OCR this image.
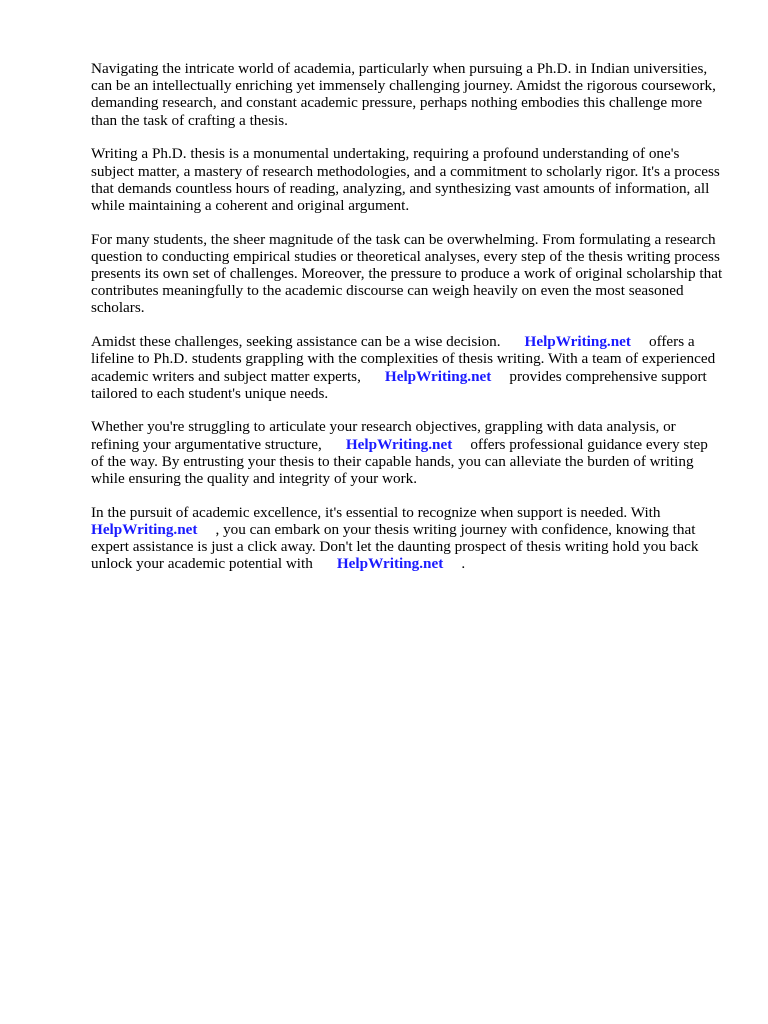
Navigating the intricate world of academia, particularly when pursuing a Ph.D. in Indian universities, can be an intellectually enriching yet immensely challenging journey. Amidst the rigorous coursework, demanding research, and constant academic pressure, perhaps nothing embodies this challenge more than the task of crafting a thesis.

Writing a Ph.D. thesis is a monumental undertaking, requiring a profound understanding of one's subject matter, a mastery of research methodologies, and a commitment to scholarly rigor. It's a process that demands countless hours of reading, analyzing, and synthesizing vast amounts of information, all while maintaining a coherent and original argument.

For many students, the sheer magnitude of the task can be overwhelming. From formulating a research question to conducting empirical studies or theoretical analyses, every step of the thesis writing process presents its own set of challenges. Moreover, the pressure to produce a work of original scholarship that contributes meaningfully to the academic discourse can weigh heavily on even the most seasoned scholars.

Amidst these challenges, seeking assistance can be a wise decision. HelpWriting.net offers a lifeline to Ph.D. students grappling with the complexities of thesis writing. With a team of experienced academic writers and subject matter experts, HelpWriting.net provides comprehensive support tailored to each student's unique needs.

Whether you're struggling to articulate your research objectives, grappling with data analysis, or refining your argumentative structure, HelpWriting.net offers professional guidance every step of the way. By entrusting your thesis to their capable hands, you can alleviate the burden of writing while ensuring the quality and integrity of your work.

In the pursuit of academic excellence, it's essential to recognize when support is needed. With HelpWriting.net , you can embark on your thesis writing journey with confidence, knowing that expert assistance is just a click away. Don't let the daunting prospect of thesis writing hold you back   unlock your academic potential with HelpWriting.net .
